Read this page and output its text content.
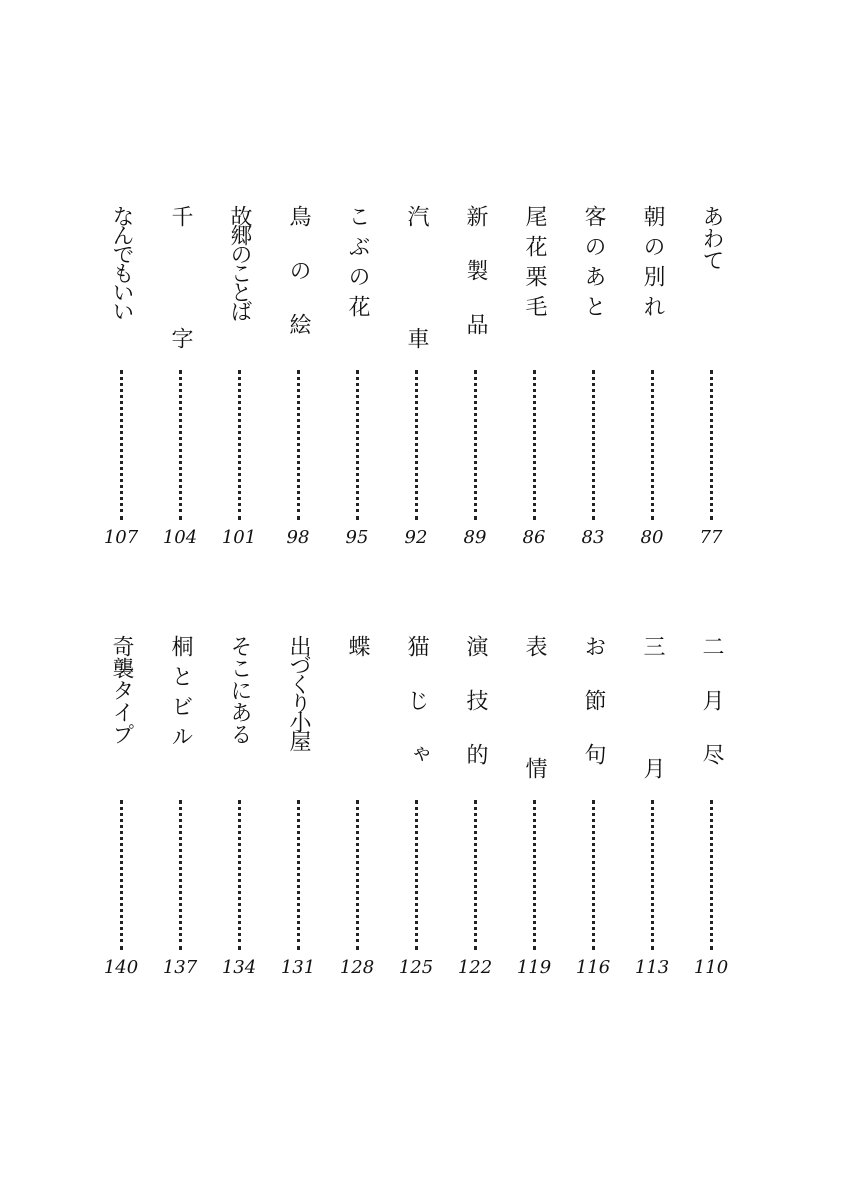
あわて
77
朝の別れ
80
客のあと
83
尾花栗毛
86
新製品
89
汽車
92
こぶの花
95
鳥の絵
98
故郷のことば
101
千字
104
なんでもいい
107
二月尽
110
三月
113
お節句
116
表情
119
演技的
122
猫じゃ
125
蝶
128
出づくり小屋
131
そこにある
134
桐とビル
137
奇襲タイプ
140
